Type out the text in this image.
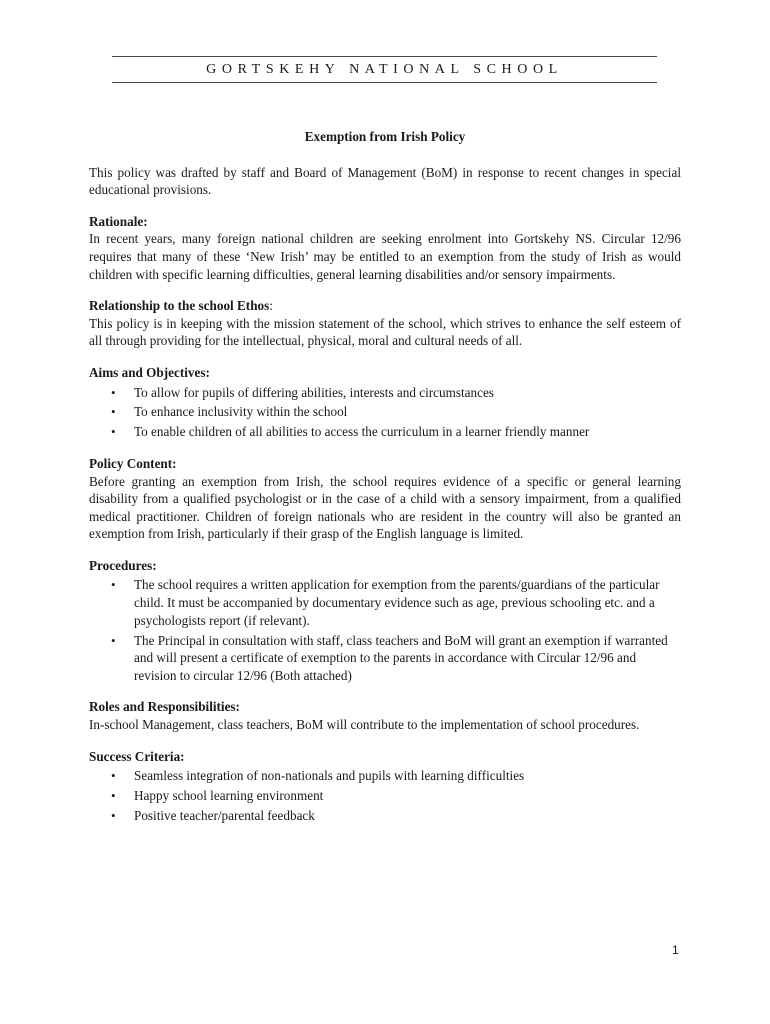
GORTSKEHY NATIONAL SCHOOL
Exemption from Irish Policy

This policy was drafted by staff and Board of Management (BoM) in response to recent changes in special educational provisions.

Rationale:

In recent years, many foreign national children are seeking enrolment into Gortskehy NS. Circular 12/96 requires that many of these ‘New Irish’ may be entitled to an exemption from the study of Irish as would children with specific learning difficulties, general learning disabilities and/or sensory impairments.

Relationship to the school Ethos:

This policy is in keeping with the mission statement of the school, which strives to enhance the self esteem of all through providing for the intellectual, physical, moral and cultural needs of all.

Aims and Objectives:
• To allow for pupils of differing abilities, interests and circumstances
• To enhance inclusivity within the school
• To enable children of all abilities to access the curriculum in a learner friendly manner
Policy Content:

Before granting an exemption from Irish, the school requires evidence of a specific or general learning disability from a qualified psychologist or in the case of a child with a sensory impairment, from a qualified medical practitioner. Children of foreign nationals who are resident in the country will also be granted an exemption from Irish, particularly if their grasp of the English language is limited.

Procedures:
• The school requires a written application for exemption from the parents/guardians of the particular child. It must be accompanied by documentary evidence such as age, previous schooling etc. and a psychologists report (if relevant).
• The Principal in consultation with staff, class teachers and BoM will grant an exemption if warranted and will present a certificate of exemption to the parents in accordance with Circular 12/96 and revision to circular 12/96 (Both attached)
Roles and Responsibilities:

In-school Management, class teachers, BoM will contribute to the implementation of school procedures.

Success Criteria:
• Seamless integration of non-nationals and pupils with learning difficulties
• Happy school learning environment
• Positive teacher/parental feedback
1
